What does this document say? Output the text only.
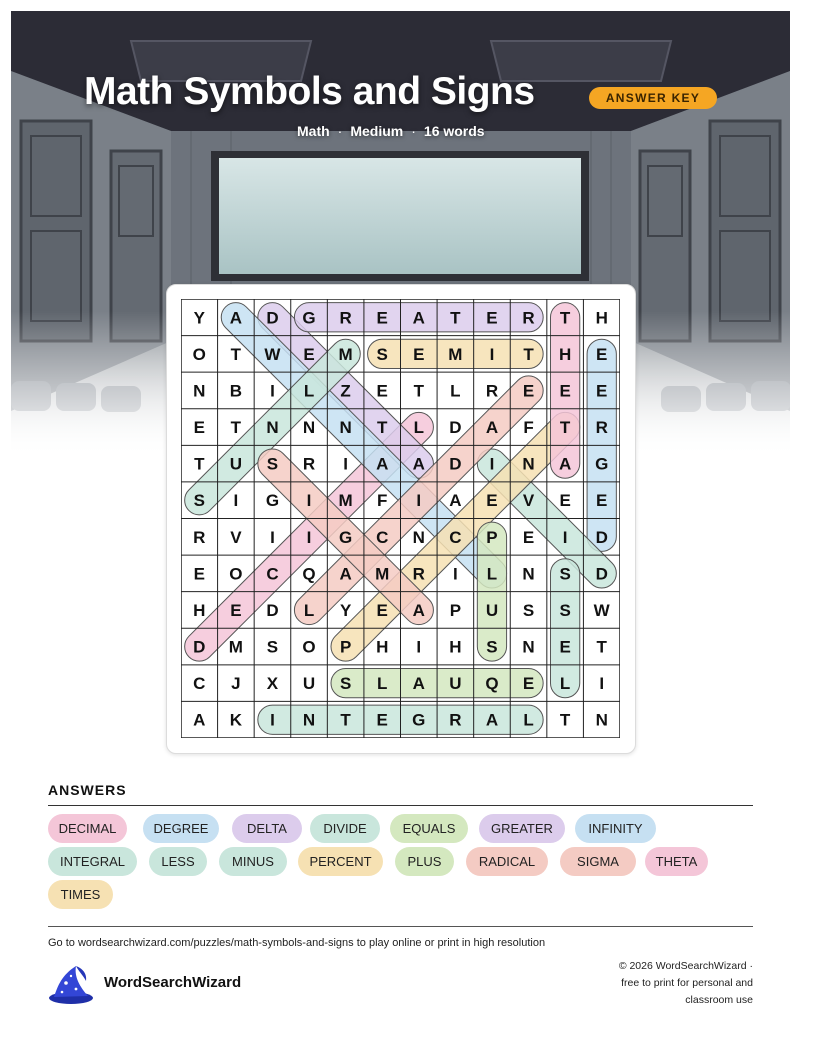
Math Symbols and Signs	ANSWER KEY
Math · Medium · 16 words
Y A D G R E A T E R T H
O T W E M S E M I T H E
N B I L Z E T L R E E E
E T N N N T L D A F T R
T U S R I A A D I N A G
S I G I M F I A E V E E
R V I I G C N C P E I D
E O C Q A M R I L N S D
H E D L Y E A P U S S W
D M S O P H I H S N E T
C J X U S L A U Q E L I
A K I N T E G R A L T N
ANSWERS
DECIMAL	DEGREE	DELTA	DIVIDE	EQUALS	GREATER	INFINITY
INTEGRAL	LESS	MINUS	PERCENT	PLUS	RADICAL	SIGMA	THETA
TIMES
Go to wordsearchwizard.com/puzzles/math-symbols-and-signs to play online or print in high resolution
WordSearchWizard
© 2026 WordSearchWizard ·
free to print for personal and
classroom use
